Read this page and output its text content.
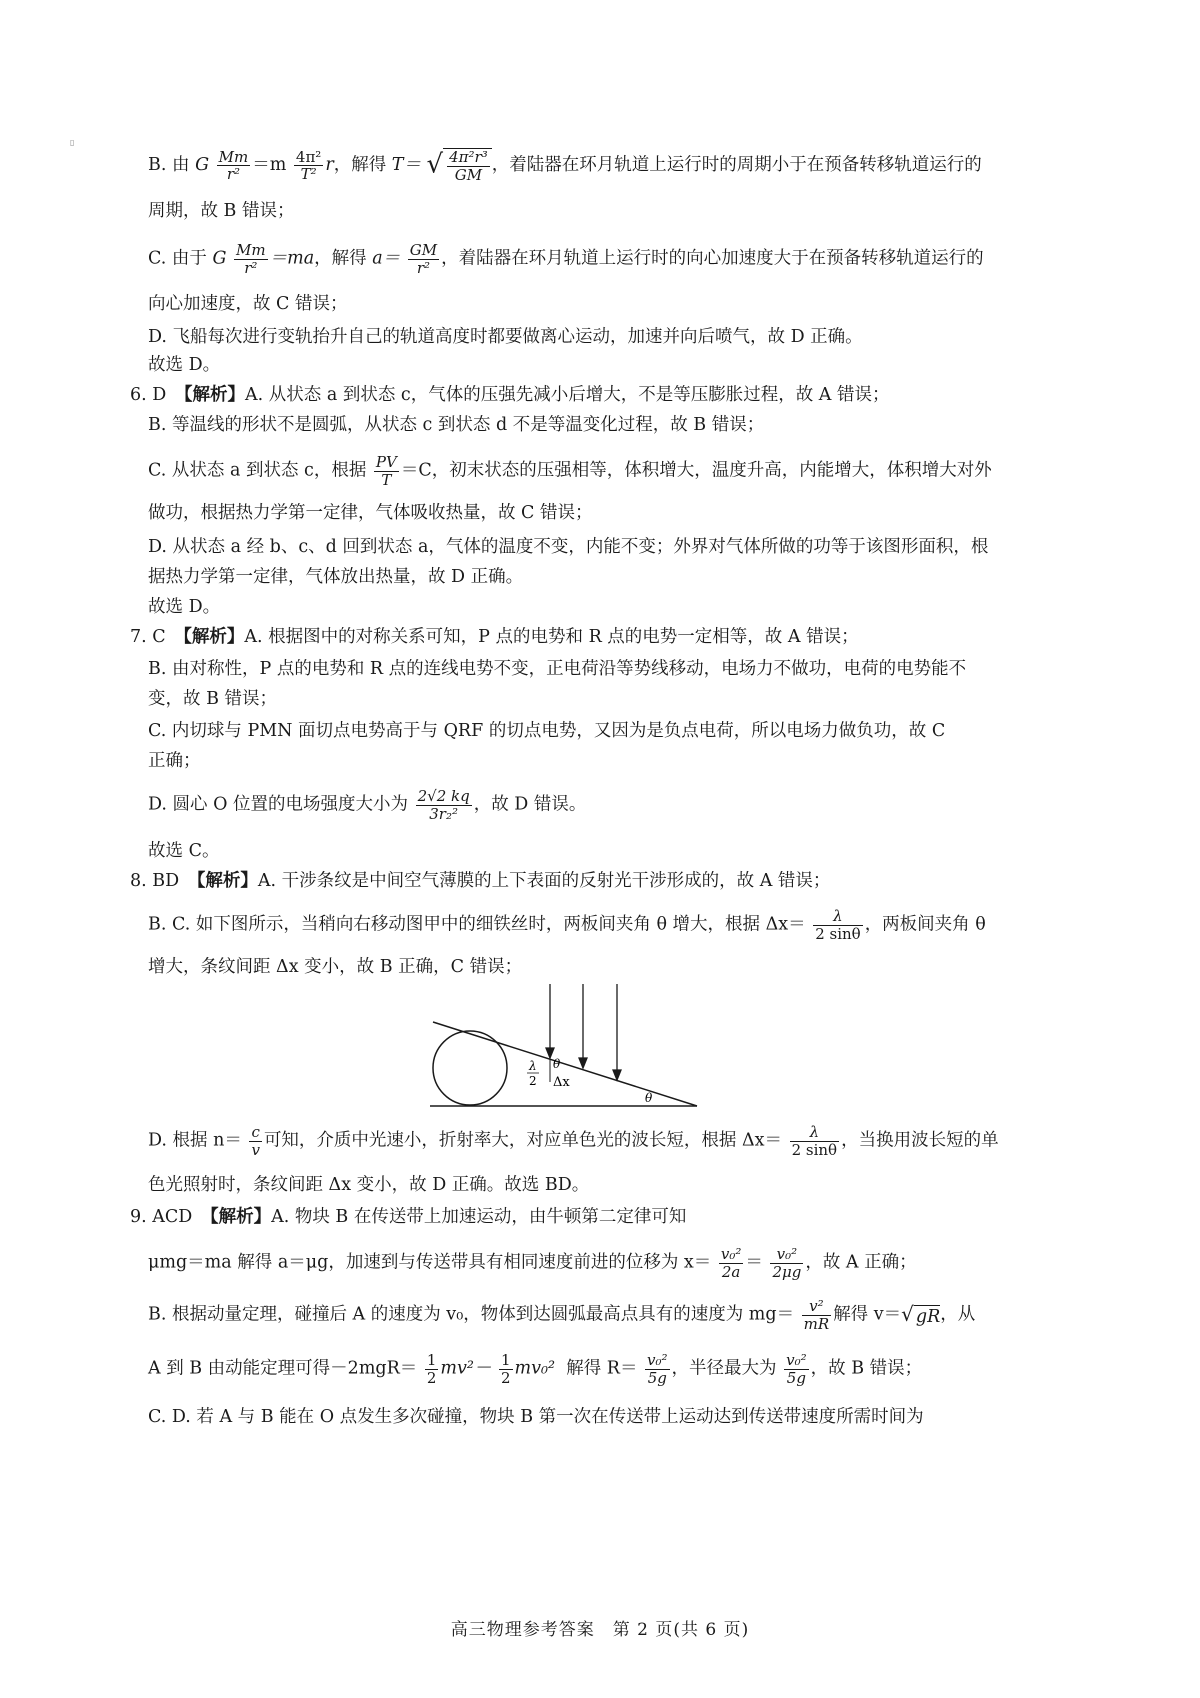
▯
B. 由 G $\frac{Mm}{\text{r²}} =m \frac{\text{4π²}}{\text{T²}}$ r，解得 T＝ √ $\frac{\text{4π²r³}}{GM}$ ，着陆器在环月轨道上运行时的周期小于在预备转移轨道运行的
周期，故 B 错误；
C. 由于 G $\frac{Mm}{\text{r²}} =ma$，解得 $a= \frac{GM}{\text{r²}}$ ，着陆器在环月轨道上运行时的向心加速度大于在预备转移轨道运行的
向心加速度，故 C 错误；
D. 飞船每次进行变轨抬升自己的轨道高度时都要做离心运动，加速并向后喷气，故 D 正确。
故选 D。
6. D　 【解析】A. 从状态 a 到状态 c，气体的压强先减小后增大，不是等压膨胀过程，故 A 错误；
B. 等温线的形状不是圆弧，从状态 c 到状态 d 不是等温变化过程，故 B 错误；
C. 从状态 a 到状态 c，根据 $\frac{PV}{T} =C$，初末状态的压强相等，体积增大，温度升高，内能增大，体积增大对外
做功，根据热力学第一定律，气体吸收热量，故 C 错误；
D. 从状态 a 经 b、c、d 回到状态 a，气体的温度不变，内能不变；外界对气体所做的功等于该图形面积，根
据热力学第一定律，气体放出热量，故 D 正确。
故选 D。
7. C　 【解析】A. 根据图中的对称关系可知，P 点的电势和 R 点的电势一定相等，故 A 错误；
B. 由对称性，P 点的电势和 R 点的连线电势不变，正电荷沿等势线移动，电场力不做功，电荷的电势能不
变，故 B 错误；
C. 内切球与 PMN 面切点电势高于与 QRF 的切点电势，又因为是负点电荷，所以电场力做负功，故 C
正确；
D. 圆心 O 位置的电场强度大小为 $\frac{2√2 kq}{\text{3r₂²}}$ ，故 D 错误。
故选 C。
8. BD　 【解析】A. 干涉条纹是中间空气薄膜的上下表面的反射光干涉形成的，故 A 错误；
B. C. 如下图所示，当稍向右移动图甲中的细铁丝时，两板间夹角 θ 增大，根据 $\Delta x= \frac{\lambda}{2 \sin\theta}$ ，两板间夹角 θ
增大，条纹间距 Δx 变小，故 B 正确，C 错误；
λ
2
θ
Δx
θ
D. 根据 $n= \frac{c}{v}$ 可知，介质中光速小，折射率大，对应单色光的波长短，根据 $\Delta x= \frac{\lambda}{2 \sin\theta}$ ，当换用波长短的单
色光照射时，条纹间距 Δx 变小，故 D 正确。故选 BD。
9. ACD　 【解析】A. 物块 B 在传送带上加速运动，由牛顿第二定律可知
μmg＝ma 解得 a＝μg，加速到与传送带具有相同速度前进的位移为 $x= \frac{\text{v₀²}}{2a} = \frac{\text{v₀²}}{2\mu g}$ ，故 A 正确；
B. 根据动量定理，碰撞后 A 的速度为 v₀，物体到达圆弧最高点具有的速度为 $mg= \frac{\text{v²}}{mR}$ 解得 v＝√ gR，从
A 到 B 由动能定理可得$-2mgR= \frac{1}{2} mv^2- \frac{1}{2} mv_0^2$ 解得 $R= \frac{\text{v₀²}}{5g}$ ，半径最大为 $\frac{\text{v₀²}}{5g}$ ，故 B 错误；
C. D. 若 A 与 B 能在 O 点发生多次碰撞，物块 B 第一次在传送带上运动达到传送带速度所需时间为
高三物理参考答案　第 2 页(共 6 页)
